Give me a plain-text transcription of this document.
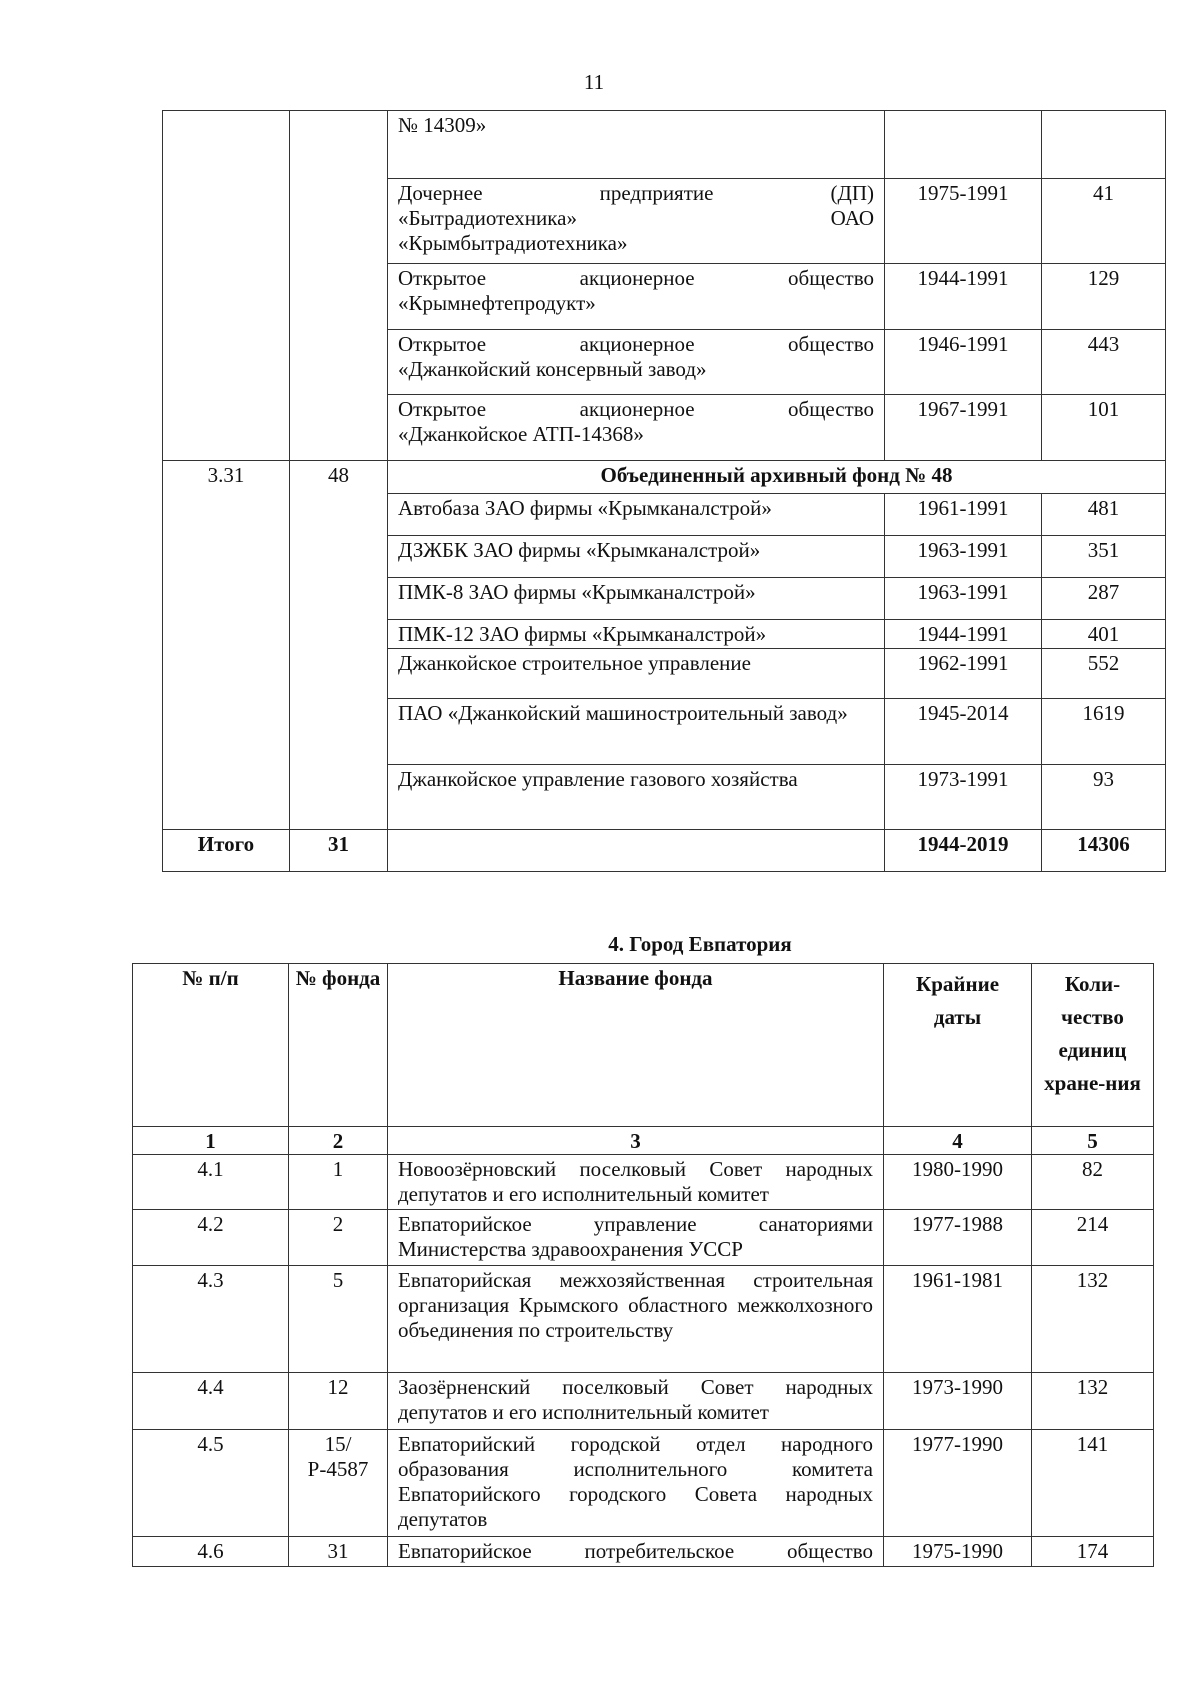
11
		№ 14309»		

		Дочернее предприятие (ДП)
«Бытрадиотехника» ОАО
«Крымбытрадиотехника»	1975-1991	41

		Открытое акционерное общество
«Крымнефтепродукт»	1944-1991	129

		Открытое акционерное общество
«Джанкойский консервный завод»	1946-1991	443

		Открытое акционерное общество
«Джанкойское АТП-14368»	1967-1991	101
3.31	48	Объединенный архивный фонд № 48		
		Автобаза ЗАО фирмы «Крымканалстрой»	1961-1991	481
		ДЗЖБК ЗАО фирмы «Крымканалстрой»	1963-1991	351
		ПМК-8 ЗАО фирмы «Крымканалстрой»	1963-1991	287
		ПМК-12 ЗАО фирмы «Крымканалстрой»	1944-1991	401
		Джанкойское строительное управление	1962-1991	552
		ПАО «Джанкойский машиностроительный завод»	1945-2014	1619
		Джанкойское управление газового хозяйства	1973-1991	93
Итого	31		1944-2019	14306
4. Город Евпатория
№ п/п	№ фонда	Название фонда	Крайние даты	Коли-чество единиц хране-ния
1	2	3	4	5
4.1	1	Новоозёрновский поселковый Совет народных депутатов и его исполнительный комитет	1980-1990	82
4.2	2	Евпаторийское управление санаториями Министерства здравоохранения УССР	1977-1988	214
4.3	5	Евпаторийская межхозяйственная строительная организация Крымского областного межколхозного объединения по строительству	1961-1981	132
4.4	12	Заозёрненский поселковый Совет народных депутатов и его исполнительный комитет	1973-1990	132
4.5	15/Р-4587	Евпаторийский городской отдел народного образования исполнительного комитета Евпаторийского городского Совета народных депутатов	1977-1990	141
4.6	31	Евпаторийское потребительское общество	1975-1990	174
